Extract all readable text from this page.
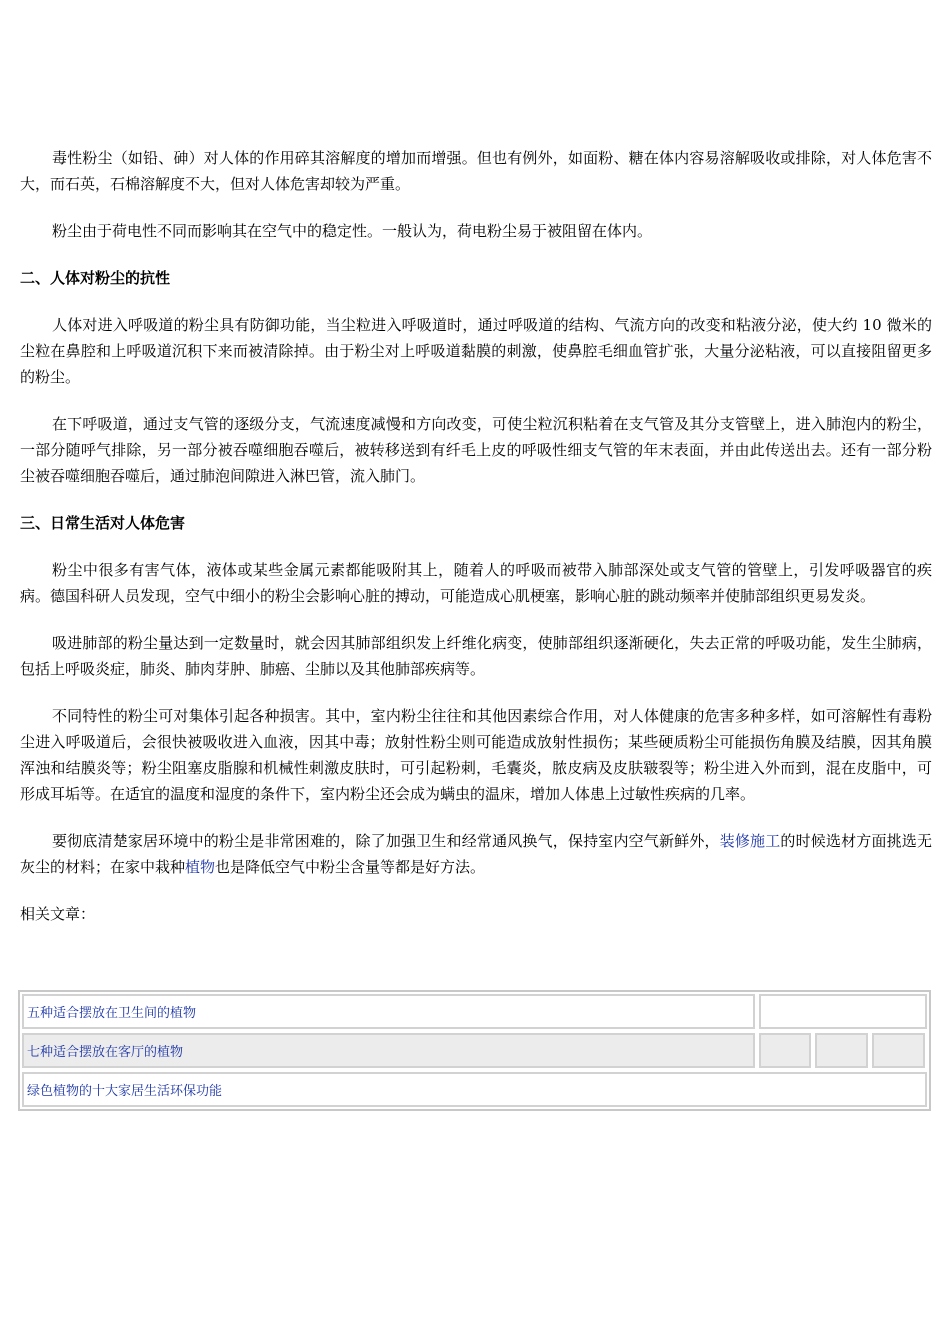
毒性粉尘（如铅、砷）对人体的作用碎其溶解度的增加而增强。但也有例外，如面粉、糖在体内容易溶解吸收或排除，对人体危害不大，而石英，石棉溶解度不大，但对人体危害却较为严重。

粉尘由于荷电性不同而影响其在空气中的稳定性。一般认为，荷电粉尘易于被阻留在体内。

二、人体对粉尘的抗性

人体对进入呼吸道的粉尘具有防御功能，当尘粒进入呼吸道时，通过呼吸道的结构、气流方向的改变和粘液分泌，使大约 10 微米的尘粒在鼻腔和上呼吸道沉积下来而被清除掉。由于粉尘对上呼吸道黏膜的刺激，使鼻腔毛细血管扩张，大量分泌粘液，可以直接阻留更多的粉尘。

在下呼吸道，通过支气管的逐级分支，气流速度减慢和方向改变，可使尘粒沉积粘着在支气管及其分支管壁上，进入肺泡内的粉尘，一部分随呼气排除，另一部分被吞噬细胞吞噬后，被转移送到有纤毛上皮的呼吸性细支气管的年末表面，并由此传送出去。还有一部分粉尘被吞噬细胞吞噬后，通过肺泡间隙进入淋巴管，流入肺门。

三、日常生活对人体危害

粉尘中很多有害气体，液体或某些金属元素都能吸附其上，随着人的呼吸而被带入肺部深处或支气管的管壁上，引发呼吸器官的疾病。德国科研人员发现，空气中细小的粉尘会影响心脏的搏动，可能造成心肌梗塞，影响心脏的跳动频率并使肺部组织更易发炎。

吸进肺部的粉尘量达到一定数量时，就会因其肺部组织发上纤维化病变，使肺部组织逐渐硬化，失去正常的呼吸功能，发生尘肺病，包括上呼吸炎症，肺炎、肺肉芽肿、肺癌、尘肺以及其他肺部疾病等。

不同特性的粉尘可对集体引起各种损害。其中，室内粉尘往往和其他因素综合作用，对人体健康的危害多种多样，如可溶解性有毒粉尘进入呼吸道后，会很快被吸收进入血液，因其中毒；放射性粉尘则可能造成放射性损伤；某些硬质粉尘可能损伤角膜及结膜，因其角膜浑浊和结膜炎等；粉尘阻塞皮脂腺和机械性刺激皮肤时，可引起粉刺，毛囊炎，脓皮病及皮肤皲裂等；粉尘进入外而到，混在皮脂中，可形成耳垢等。在适宜的温度和湿度的条件下，室内粉尘还会成为螨虫的温床，增加人体患上过敏性疾病的几率。

要彻底清楚家居环境中的粉尘是非常困难的，除了加强卫生和经常通风换气，保持室内空气新鲜外，装修施工的时候选材方面挑选无灰尘的材料；在家中栽种植物也是降低空气中粉尘含量等都是好方法。

相关文章：
五种适合摆放在卫生间的植物
七种适合摆放在客厅的植物
绿色植物的十大家居生活环保功能
